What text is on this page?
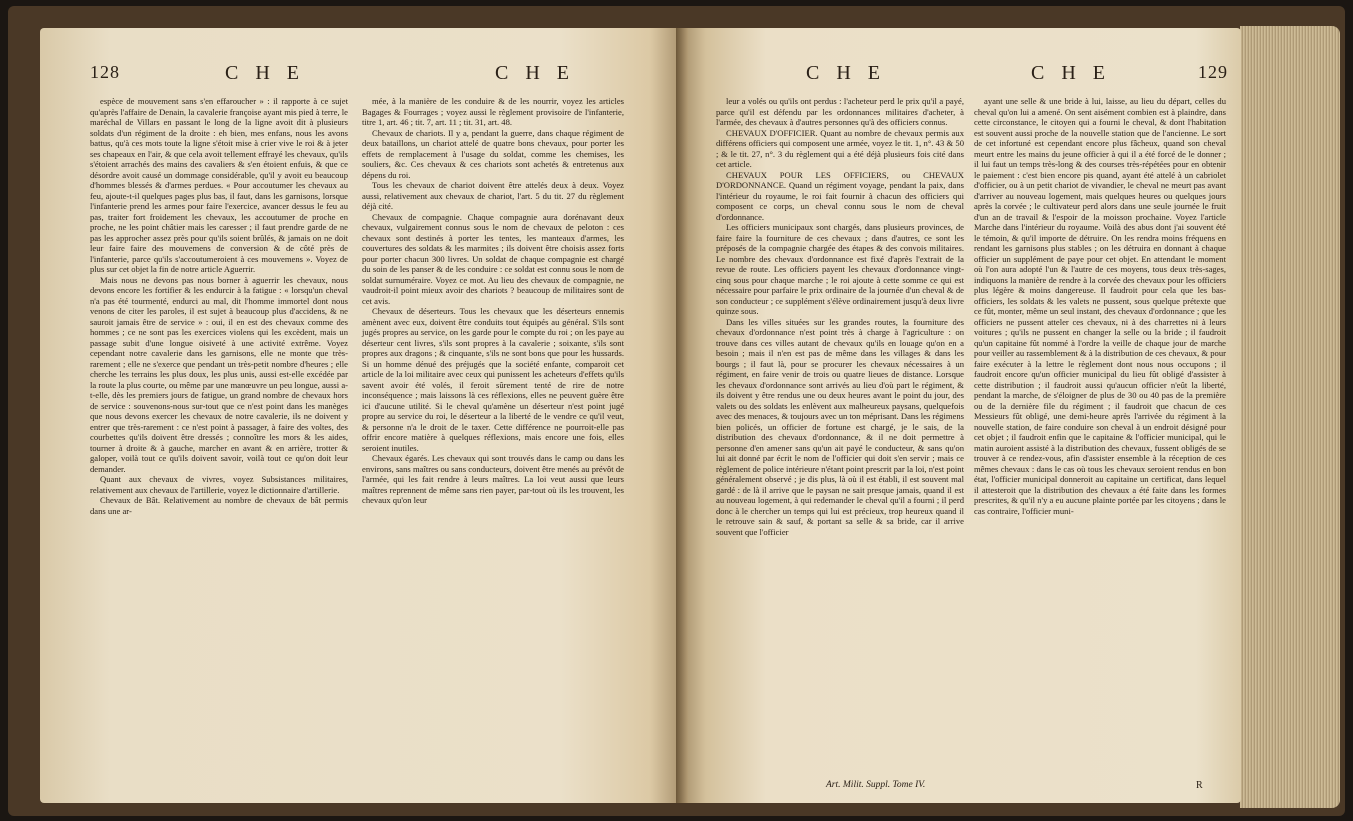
128	C H E	C H E

espèce de mouvement sans s'en effaroucher » : il rapporte à ce sujet qu'après l'affaire de Denain, la cavalerie françoise ayant mis pied à terre, le maréchal de Villars en passant le long de la ligne avoit dit à plusieurs soldats d'un régiment de la droite : eh bien, mes enfans, nous les avons battus, qu'à ces mots toute la ligne s'étoit mise à crier vive le roi & à jeter ses chapeaux en l'air, & que cela avoit tellement effrayé les chevaux, qu'ils s'étoient arrachés des mains des cavaliers & s'en étoient enfuis, & que ce désordre avoit causé un dommage considérable, qu'il y avoit eu beaucoup d'hommes blessés & d'armes perdues. « Pour accoutumer les chevaux au feu, ajoute-t-il quelques pages plus bas, il faut, dans les garnisons, lorsque l'infanterie prend les armes pour faire l'exercice, avancer dessus le feu au pas, traiter fort froidement les chevaux, les accoutumer de proche en proche, ne les point châtier mais les caresser ; il faut prendre garde de ne pas les approcher assez près pour qu'ils soient brûlés, & jamais on ne doit leur faire faire des mouvemens de conversion & de côté près de l'infanterie, parce qu'ils s'accoutumeroient à ces mouvemens ». Voyez de plus sur cet objet la fin de notre article Aguerrir.

Mais nous ne devons pas nous borner à aguerrir les chevaux, nous devons encore les fortifier & les endurcir à la fatigue : « lorsqu'un cheval n'a pas été tourmenté, endurci au mal, dit l'homme immortel dont nous venons de citer les paroles, il est sujet à beaucoup plus d'accidens, & ne sauroit jamais être de service » : oui, il en est des chevaux comme des hommes ; ce ne sont pas les exercices violens qui les excèdent, mais un passage subit d'une longue oisiveté à une activité extrême. Voyez cependant notre cavalerie dans les garnisons, elle ne monte que très-rarement ; elle ne s'exerce que pendant un très-petit nombre d'heures ; elle cherche les terrains les plus doux, les plus unis, aussi est-elle excédée par la route la plus courte, ou même par une manœuvre un peu longue, aussi a-t-elle, dès les premiers jours de fatigue, un grand nombre de chevaux hors de service : souvenons-nous sur-tout que ce n'est point dans les manèges que nous devons exercer les chevaux de notre cavalerie, ils ne doivent y entrer que très-rarement : ce n'est point à passager, à faire des voltes, des courbettes qu'ils doivent être dressés ; connoître les mors & les aides, tourner à droite & à gauche, marcher en avant & en arrière, trotter & galoper, voilà tout ce qu'ils doivent savoir, voilà tout ce qu'on doit leur demander.

Quant aux chevaux de vivres, voyez Subsistances militaires, relativement aux chevaux de l'artillerie, voyez le dictionnaire d'artillerie.

Chevaux de Bât. Relativement au nombre de chevaux de bât permis dans une ar-

mée, à la manière de les conduire & de les nourrir, voyez les articles Bagages & Fourrages ; voyez aussi le règlement provisoire de l'infanterie, titre 1, art. 46 ; tit. 7, art. 11 ; tit. 31, art. 48.

Chevaux de chariots. Il y a, pendant la guerre, dans chaque régiment de deux bataillons, un chariot attelé de quatre bons chevaux, pour porter les effets de remplacement à l'usage du soldat, comme les chemises, les souliers, &c. Ces chevaux & ces chariots sont achetés & entretenus aux dépens du roi.

Tous les chevaux de chariot doivent être attelés deux à deux. Voyez aussi, relativement aux chevaux de chariot, l'art. 5 du tit. 27 du règlement déjà cité.

Chevaux de compagnie. Chaque compagnie aura dorénavant deux chevaux, vulgairement connus sous le nom de chevaux de peloton : ces chevaux sont destinés à porter les tentes, les manteaux d'armes, les couvertures des soldats & les marmites ; ils doivent être choisis assez forts pour porter chacun 300 livres. Un soldat de chaque compagnie est chargé du soin de les panser & de les conduire : ce soldat est connu sous le nom de soldat surnuméraire. Voyez ce mot. Au lieu des chevaux de compagnie, ne vaudroit-il point mieux avoir des chariots ? beaucoup de militaires sont de cet avis.

Chevaux de déserteurs. Tous les chevaux que les déserteurs ennemis amènent avec eux, doivent être conduits tout équipés au général. S'ils sont jugés propres au service, on les garde pour le compte du roi ; on les paye au déserteur cent livres, s'ils sont propres à la cavalerie ; soixante, s'ils sont propres aux dragons ; & cinquante, s'ils ne sont bons que pour les hussards. Si un homme dénué des préjugés que la société enfante, comparoit cet article de la loi militaire avec ceux qui punissent les acheteurs d'effets qu'ils savent avoir été volés, il feroit sûrement tenté de rire de notre inconséquence ; mais laissons là ces réflexions, elles ne peuvent guère être ici d'aucune utilité. Si le cheval qu'amène un déserteur n'est point jugé propre au service du roi, le déserteur a la liberté de le vendre ce qu'il veut, & personne n'a le droit de le taxer. Cette différence ne pourroit-elle pas offrir encore matière à quelques réflexions, mais encore une fois, elles seroient inutiles.

Chevaux égarés. Les chevaux qui sont trouvés dans le camp ou dans les environs, sans maîtres ou sans conducteurs, doivent être menés au prévôt de l'armée, qui les fait rendre à leurs maîtres. La loi veut aussi que leurs maîtres reprennent de même sans rien payer, par-tout où ils les trouvent, les chevaux qu'on leur

C H E	C H E	129

leur a volés ou qu'ils ont perdus : l'acheteur perd le prix qu'il a payé, parce qu'il est défendu par les ordonnances militaires d'acheter, à l'armée, des chevaux à d'autres personnes qu'à des officiers connus.

CHEVAUX D'OFFICIER. Quant au nombre de chevaux permis aux différens officiers qui composent une armée, voyez le tit. 1, n°. 43 & 50 ; & le tit. 27, n°. 3 du règlement qui a été déjà plusieurs fois cité dans cet article.

CHEVAUX POUR LES OFFICIERS, ou CHEVAUX D'ORDONNANCE. Quand un régiment voyage, pendant la paix, dans l'intérieur du royaume, le roi fait fournir à chacun des officiers qui composent ce corps, un cheval connu sous le nom de cheval d'ordonnance.

Les officiers municipaux sont chargés, dans plusieurs provinces, de faire faire la fourniture de ces chevaux ; dans d'autres, ce sont les préposés de la compagnie chargée des étapes & des convois militaires. Le nombre des chevaux d'ordonnance est fixé d'après l'extrait de la revue de route. Les officiers payent les chevaux d'ordonnance vingt-cinq sous pour chaque marche ; le roi ajoute à cette somme ce qui est nécessaire pour parfaire le prix ordinaire de la journée d'un cheval & de son conducteur ; ce supplément s'élève ordinairement jusqu'à deux livre quinze sous.

Dans les villes situées sur les grandes routes, la fourniture des chevaux d'ordonnance n'est point très à charge à l'agriculture : on trouve dans ces villes autant de chevaux qu'ils en louage qu'on en a besoin ; mais il n'en est pas de même dans les villages & dans les bourgs ; il faut là, pour se procurer les chevaux nécessaires à un régiment, en faire venir de trois ou quatre lieues de distance. Lorsque les chevaux d'ordonnance sont arrivés au lieu d'où part le régiment, & ils doivent y être rendus une ou deux heures avant le point du jour, des valets ou des soldats les enlèvent aux malheureux paysans, quelquefois avec des menaces, & toujours avec un ton méprisant. Dans les régimens bien policés, un officier de fortune est chargé, je le sais, de la distribution des chevaux d'ordonnance, & il ne doit permettre à personne d'en amener sans qu'un ait payé le conducteur, & sans qu'on lui ait donné par écrit le nom de l'officier qui doit s'en servir ; mais ce règlement de police intérieure n'étant point prescrit par la loi, n'est point généralement observé ; je dis plus, là où il est établi, il est souvent mal gardé : de là il arrive que le paysan ne sait presque jamais, quand il est au nouveau logement, à qui redemander le cheval qu'il a fourni ; il perd donc à le chercher un temps qui lui est précieux, trop heureux quand il le retrouve sain & sauf, & portant sa selle & sa bride, car il arrive souvent que l'officier

ayant une selle & une bride à lui, laisse, au lieu du départ, celles du cheval qu'on lui a amené. On sent aisément combien est à plaindre, dans cette circonstance, le citoyen qui a fourni le cheval, & dont l'habitation est souvent aussi proche de la nouvelle station que de l'ancienne. Le sort de cet infortuné est cependant encore plus fâcheux, quand son cheval meurt entre les mains du jeune officier à qui il a été forcé de le donner ; il lui faut un temps très-long & des courses très-répétées pour en obtenir le paiement : c'est bien encore pis quand, ayant été attelé à un cabriolet d'officier, ou à un petit chariot de vivandier, le cheval ne meurt pas avant d'arriver au nouveau logement, mais quelques heures ou quelques jours après la corvée ; le cultivateur perd alors dans une seule journée le fruit d'un an de travail & l'espoir de la moisson prochaine. Voyez l'article Marche dans l'intérieur du royaume. Voilà des abus dont j'ai souvent été le témoin, & qu'il importe de détruire. On les rendra moins fréquens en rendant les garnisons plus stables ; on les détruira en donnant à chaque officier un supplément de paye pour cet objet. En attendant le moment où l'on aura adopté l'un & l'autre de ces moyens, tous deux très-sages, indiquons la manière de rendre à la corvée des chevaux pour les officiers plus légère & moins dangereuse. Il faudroit pour cela que les bas-officiers, les soldats & les valets ne pussent, sous quelque prétexte que ce fût, monter, même un seul instant, des chevaux d'ordonnance ; que les officiers ne pussent atteler ces chevaux, ni à des charrettes ni à leurs voitures ; qu'ils ne pussent en changer la selle ou la bride ; il faudroit qu'un capitaine fût nommé à l'ordre la veille de chaque jour de marche pour veiller au rassemblement & à la distribution de ces chevaux, & pour faire exécuter à la lettre le règlement dont nous nous occupons ; il faudroit encore qu'un officier municipal du lieu fût obligé d'assister à cette distribution ; il faudroit aussi qu'aucun officier n'eût la liberté, pendant la marche, de s'éloigner de plus de 30 ou 40 pas de la première ou de la dernière file du régiment ; il faudroit que chacun de ces Messieurs fût obligé, une demi-heure après l'arrivée du régiment à la nouvelle station, de faire conduire son cheval à un endroit désigné pour cet objet ; il faudroit enfin que le capitaine & l'officier municipal, qui le matin auroient assisté à la distribution des chevaux, fussent obligés de se trouver à ce rendez-vous, afin d'assister ensemble à la réception de ces mêmes chevaux : dans le cas où tous les chevaux seroient rendus en bon état, l'officier municipal donneroit au capitaine un certificat, dans lequel il attesteroit que la distribution des chevaux a été faite dans les formes prescrites, & qu'il n'y a eu aucune plainte portée par les citoyens ; dans le cas contraire, l'officier muni-

Art. Milit. Suppl. Tome IV.	R
